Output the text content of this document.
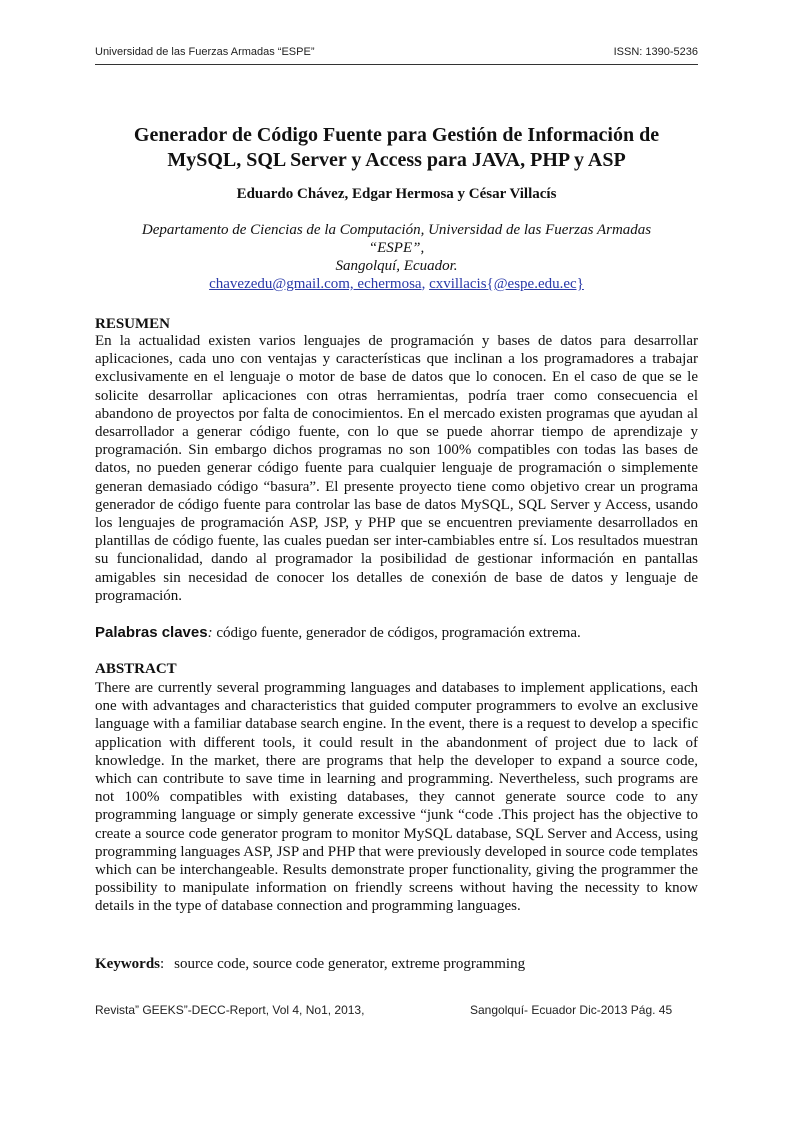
Universidad de las Fuerzas Armadas “ESPE”	ISSN: 1390-5236
Generador de Código Fuente para Gestión de Información de
MySQL, SQL Server y Access para JAVA, PHP y ASP
Eduardo Chávez, Edgar Hermosa y César Villacís
Departamento de Ciencias de la Computación, Universidad de las Fuerzas Armadas
“ESPE”,
Sangolquí, Ecuador.
chavezedu@gmail.com, echermosa, cxvillacis{@espe.edu.ec}
RESUMEN
En la actualidad existen varios lenguajes de programación y bases de datos para desarrollar aplicaciones, cada uno con ventajas y características que inclinan a los programadores a trabajar exclusivamente en el lenguaje o motor de base de datos que lo conocen. En el caso de que se le solicite desarrollar aplicaciones con otras herramientas, podría traer como consecuencia el abandono de proyectos por falta de conocimientos. En el mercado existen programas que ayudan al desarrollador a generar código fuente, con lo que se puede ahorrar tiempo de aprendizaje y programación. Sin embargo dichos programas no son 100% compatibles con todas las bases de datos, no pueden generar código fuente para cualquier lenguaje de programación o simplemente generan demasiado código “basura”. El presente proyecto tiene como objetivo crear un programa generador de código fuente para controlar las base de datos MySQL, SQL Server y Access, usando los lenguajes de programación ASP, JSP, y PHP que se encuentren previamente desarrollados en plantillas de código fuente, las cuales puedan ser inter-cambiables entre sí. Los resultados muestran su funcionalidad, dando al programador la posibilidad de gestionar información en pantallas amigables sin necesidad de conocer los detalles de conexión de base de datos y lenguaje de programación.
Palabras claves: código fuente, generador de códigos, programación extrema.
ABSTRACT
There are currently several programming languages and databases to implement applications, each one with advantages and characteristics that guided computer programmers to evolve an exclusive language with a familiar database search engine. In the event, there is a request to develop a specific application with different tools, it could result in the abandonment of project due to lack of knowledge. In the market, there are programs that help the developer to expand a source code, which can contribute to save time in learning and programming. Nevertheless, such programs are not 100% compatibles with existing databases, they cannot generate source code to any programming language or simply generate excessive “junk “code .This project has the objective to create a source code generator program to monitor MySQL database, SQL Server and Access, using programming languages ASP, JSP and PHP that were previously developed in source code templates which can be interchangeable. Results demonstrate proper functionality, giving the programmer the possibility to manipulate information on friendly screens without having the necessity to know details in the type of database connection and programming languages.
Keywords: source code, source code generator, extreme programming
Revista” GEEKS”-DECC-Report, Vol 4, No1, 2013,	Sangolquí- Ecuador Dic-2013 Pág. 45
